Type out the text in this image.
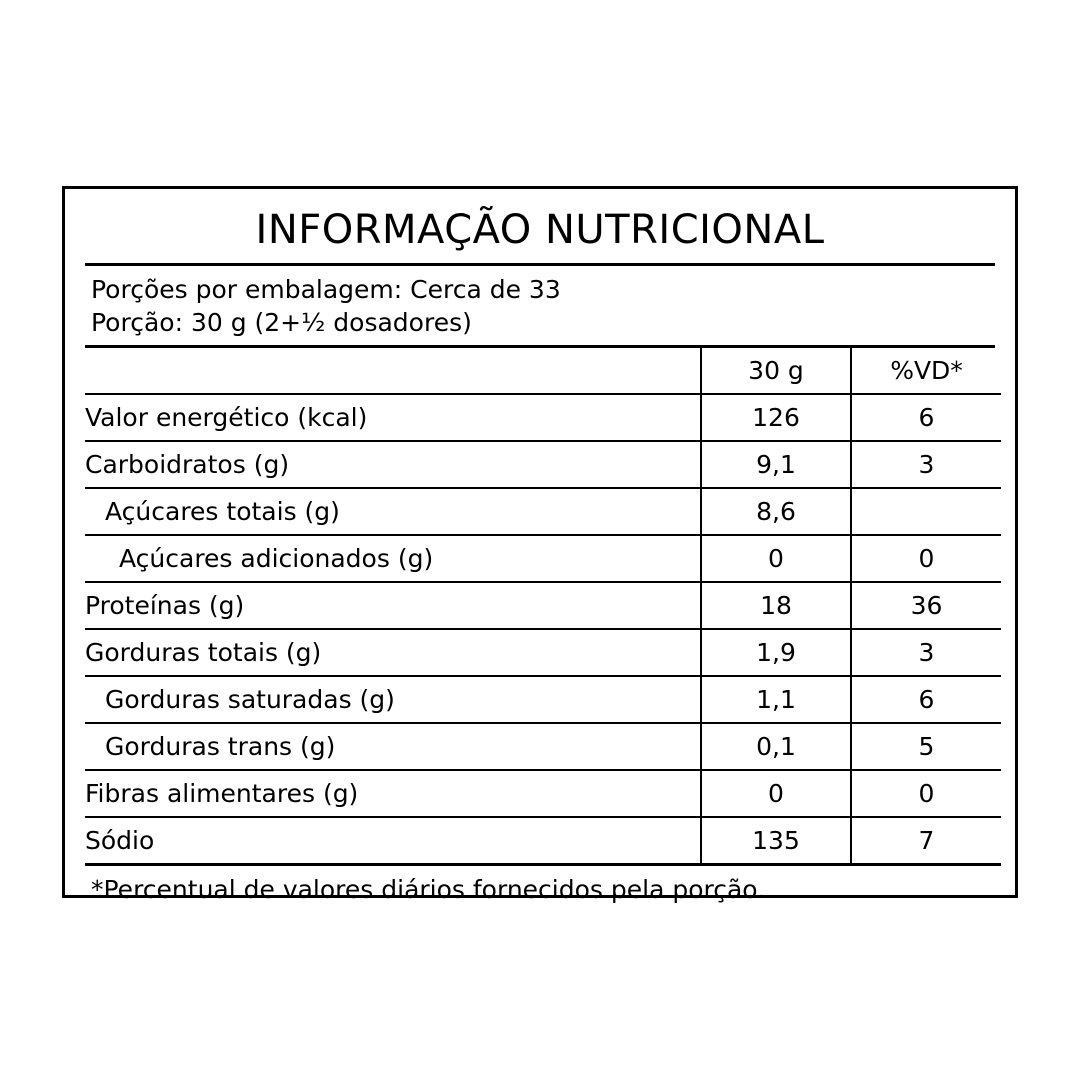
INFORMAÇÃO NUTRICIONAL
Porções por embalagem: Cerca de 33
Porção: 30 g (2+½ dosadores)
	30 g	%VD*
Valor energético (kcal)	126	6
Carboidratos (g)	9,1	3
Açúcares totais (g)	8,6	
Açúcares adicionados (g)	0	0
Proteínas (g)	18	36
Gorduras totais (g)	1,9	3
Gorduras saturadas (g)	1,1	6
Gorduras trans (g)	0,1	5
Fibras alimentares (g)	0	0
Sódio	135	7
*Percentual de valores diários fornecidos pela porção.
